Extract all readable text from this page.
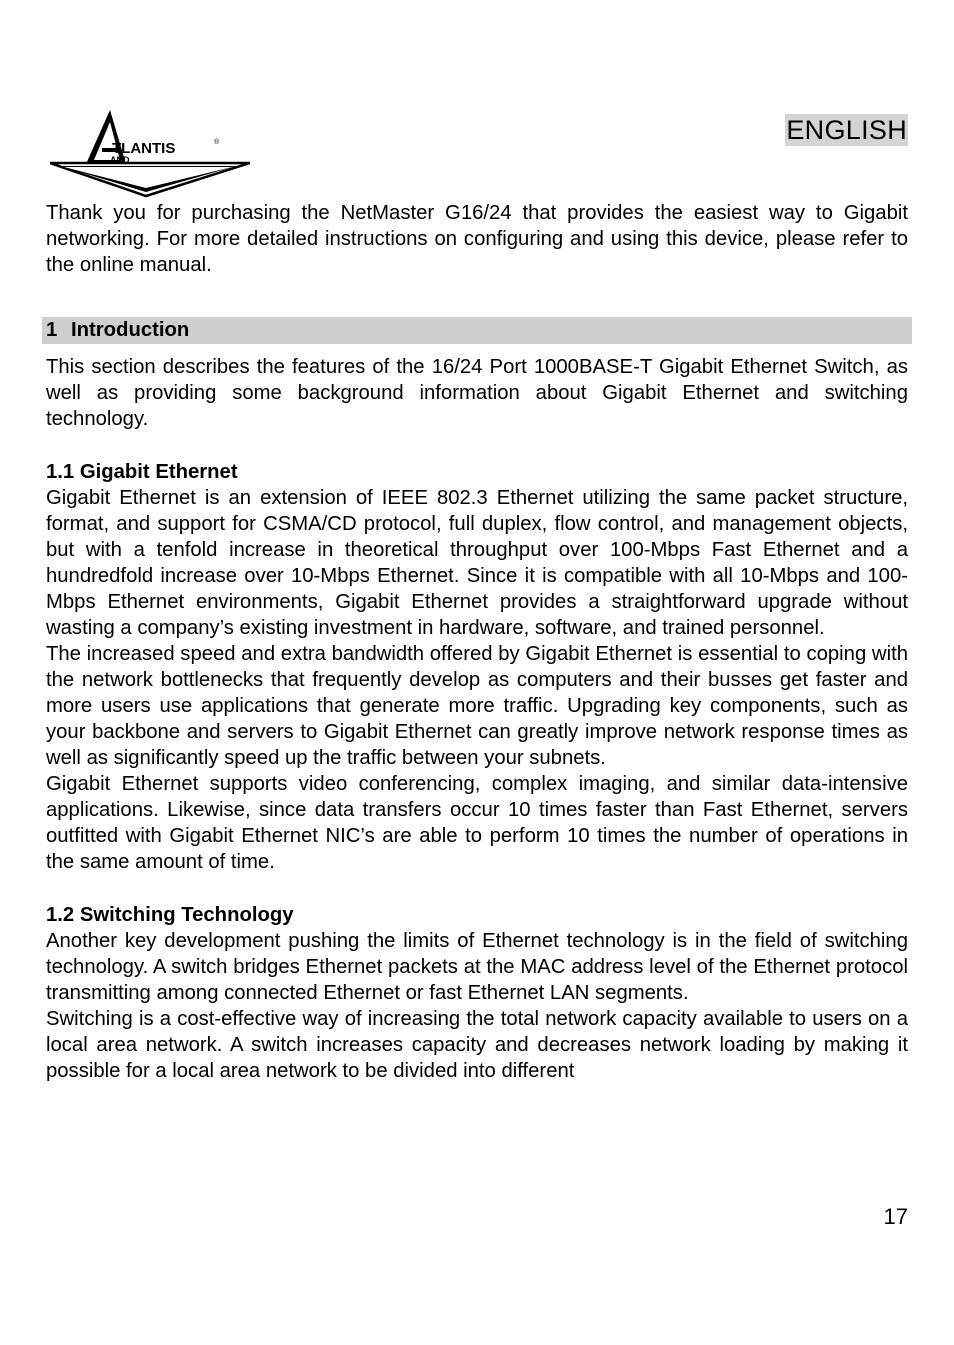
TLANTIS	®
AND
ENGLISH

Thank you for purchasing the NetMaster G16/24 that provides the easiest way to Gigabit networking. For more detailed instructions on configuring and using this device, please refer to the online manual.

1 Introduction

This section describes the features of the 16/24 Port 1000BASE-T Gigabit Ethernet Switch, as well as providing some background information about Gigabit Ethernet and switching technology.

1.1 Gigabit Ethernet

Gigabit Ethernet is an extension of IEEE 802.3 Ethernet utilizing the same packet structure, format, and support for CSMA/CD protocol, full duplex, flow control, and management objects, but with a tenfold increase in theoretical throughput over 100-Mbps Fast Ethernet and a hundredfold increase over 10-Mbps Ethernet. Since it is compatible with all 10-Mbps and 100-Mbps Ethernet environments, Gigabit Ethernet provides a straightforward upgrade without wasting a company’s existing investment in hardware, software, and trained personnel.

The increased speed and extra bandwidth offered by Gigabit Ethernet is essential to coping with the network bottlenecks that frequently develop as computers and their busses get faster and more users use applications that generate more traffic. Upgrading key components, such as your backbone and servers to Gigabit Ethernet can greatly improve network response times as well as significantly speed up the traffic between your subnets.

Gigabit Ethernet supports video conferencing, complex imaging, and similar data-intensive applications. Likewise, since data transfers occur 10 times faster than Fast Ethernet, servers outfitted with Gigabit Ethernet NIC’s are able to perform 10 times the number of operations in the same amount of time.

1.2 Switching Technology

Another key development pushing the limits of Ethernet technology is in the field of switching technology. A switch bridges Ethernet packets at the MAC address level of the Ethernet protocol transmitting among connected Ethernet or fast Ethernet LAN segments.

Switching is a cost-effective way of increasing the total network capacity available to users on a local area network. A switch increases capacity and decreases network loading by making it possible for a local area network to be divided into different

17
